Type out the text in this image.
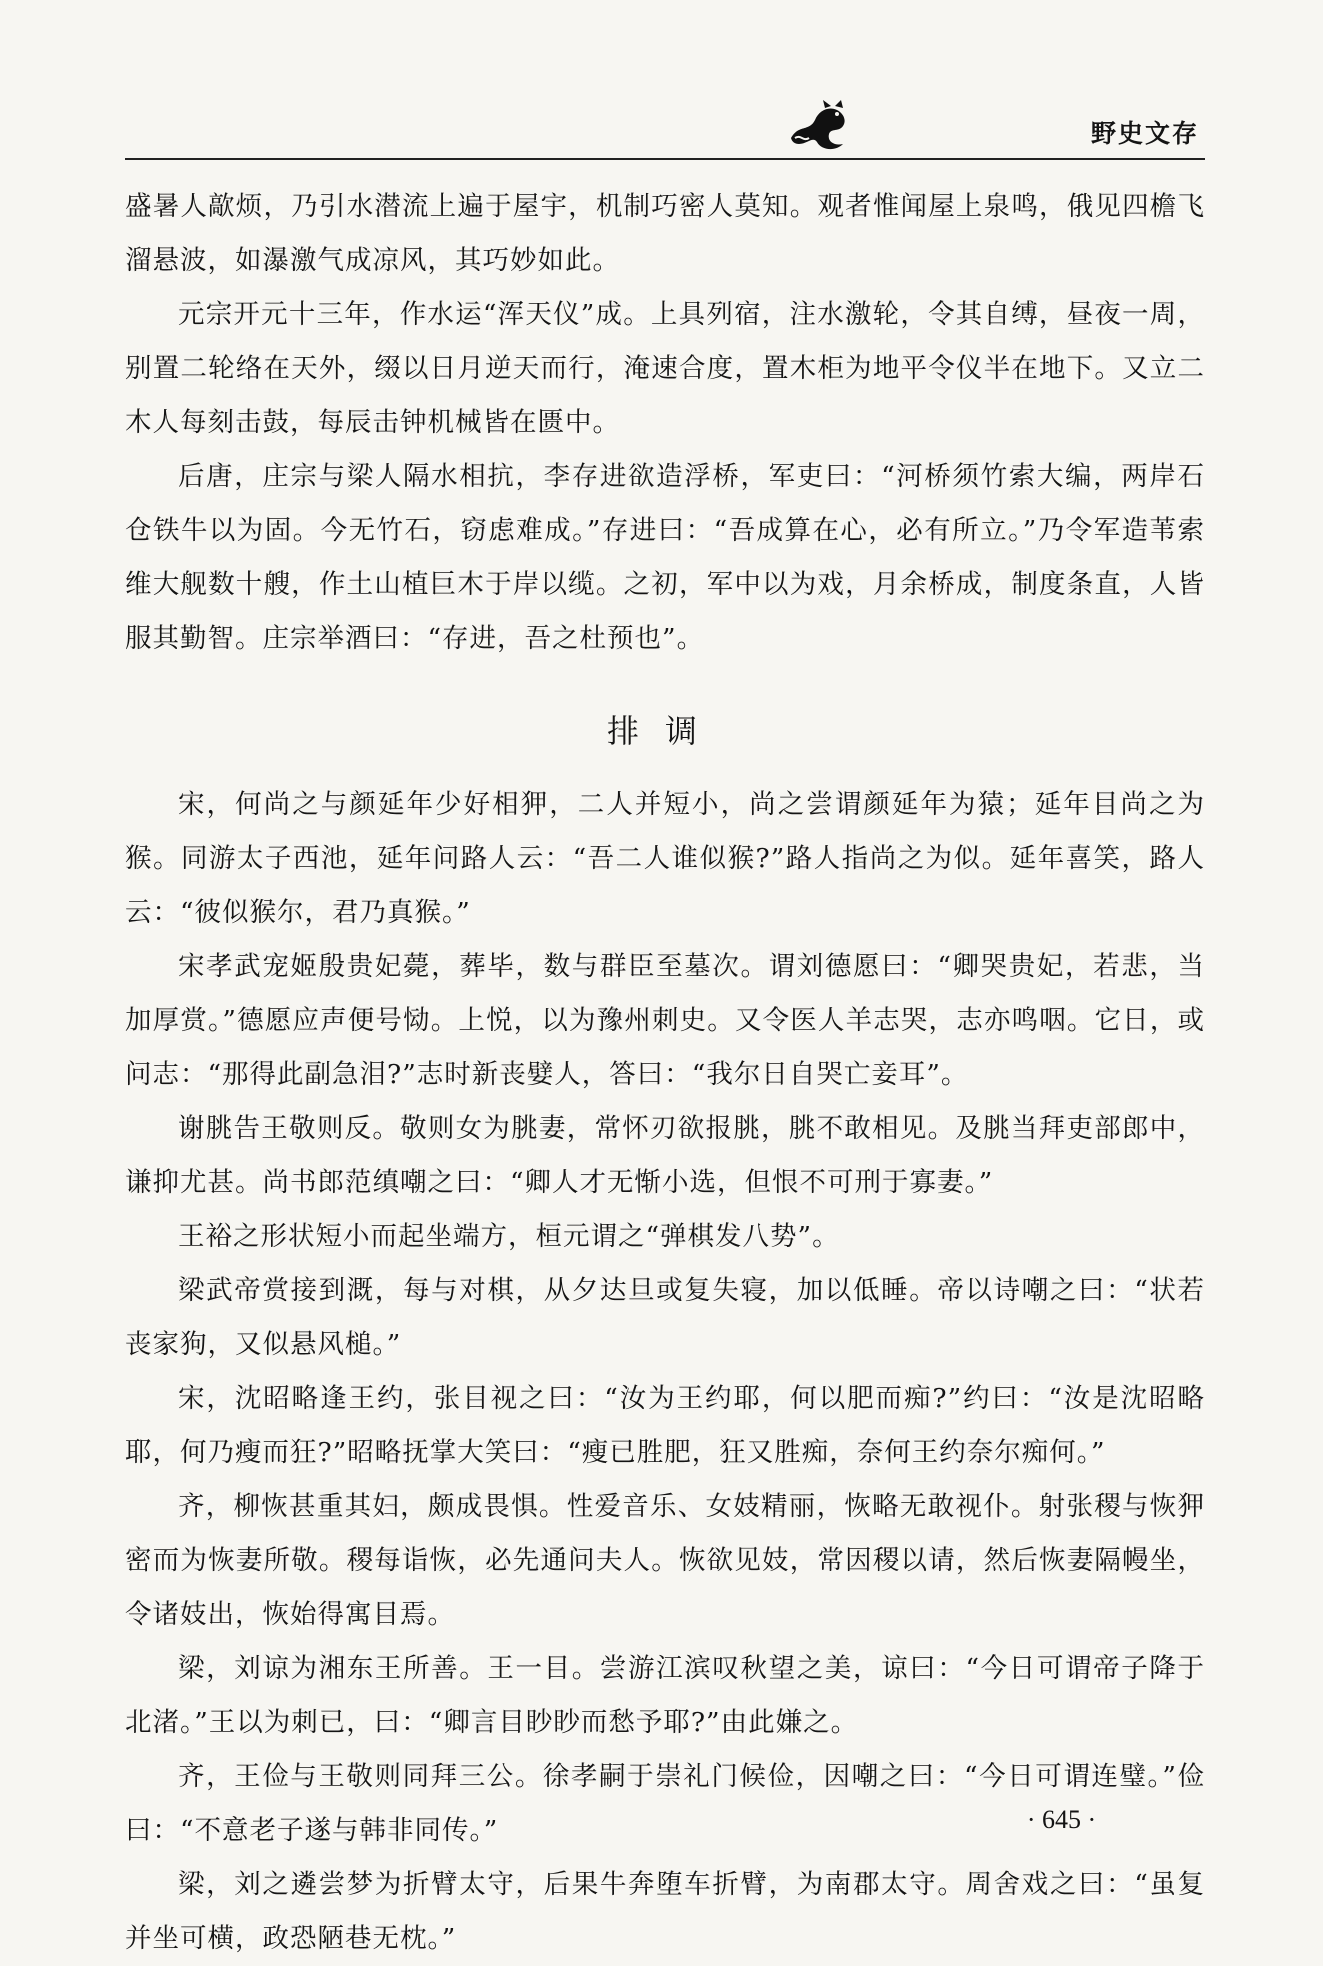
野史文存

盛暑人歊烦，乃引水潜流上遍于屋宇，机制巧密人莫知。观者惟闻屋上泉鸣，俄见四檐飞溜悬波，如瀑激气成凉风，其巧妙如此。

元宗开元十三年，作水运“浑天仪”成。上具列宿，注水激轮，令其自缚，昼夜一周，别置二轮络在天外，缀以日月逆天而行，淹速合度，置木柜为地平令仪半在地下。又立二木人每刻击鼓，每辰击钟机械皆在匮中。

后唐，庄宗与梁人隔水相抗，李存进欲造浮桥，军吏曰：“河桥须竹索大编，两岸石仓铁牛以为固。今无竹石，窃虑难成。”存进曰：“吾成算在心，必有所立。”乃令军造苇索维大舰数十艘，作土山植巨木于岸以缆。之初，军中以为戏，月余桥成，制度条直，人皆服其勤智。庄宗举酒曰：“存进，吾之杜预也”。

排调

宋，何尚之与颜延年少好相狎，二人并短小，尚之尝谓颜延年为猿；延年目尚之为猴。同游太子西池，延年问路人云：“吾二人谁似猴?”路人指尚之为似。延年喜笑，路人云：“彼似猴尔，君乃真猴。”

宋孝武宠姬殷贵妃薨，葬毕，数与群臣至墓次。谓刘德愿曰：“卿哭贵妃，若悲，当加厚赏。”德愿应声便号恸。上悦，以为豫州刺史。又令医人羊志哭，志亦鸣咽。它日，或问志：“那得此副急泪?”志时新丧嬖人，答曰：“我尔日自哭亡妾耳”。

谢朓告王敬则反。敬则女为朓妻，常怀刃欲报朓，朓不敢相见。及朓当拜吏部郎中，谦抑尤甚。尚书郎范缜嘲之曰：“卿人才无惭小选，但恨不可刑于寡妻。”

王裕之形状短小而起坐端方，桓元谓之“弹棋发八势”。

梁武帝赏接到溉，每与对棋，从夕达旦或复失寝，加以低睡。帝以诗嘲之曰：“状若丧家狗，又似悬风槌。”

宋，沈昭略逢王约，张目视之曰：“汝为王约耶，何以肥而痴?”约曰：“汝是沈昭略耶，何乃瘦而狂?”昭略抚掌大笑曰：“瘦已胜肥，狂又胜痴，奈何王约奈尔痴何。”

齐，柳恢甚重其妇，颇成畏惧。性爱音乐、女妓精丽，恢略无敢视仆。射张稷与恢狎密而为恢妻所敬。稷每诣恢，必先通问夫人。恢欲见妓，常因稷以请，然后恢妻隔幔坐，令诸妓出，恢始得寓目焉。

梁，刘谅为湘东王所善。王一目。尝游江滨叹秋望之美，谅曰：“今日可谓帝子降于北渚。”王以为刺已，曰：“卿言目眇眇而愁予耶?”由此嫌之。

齐，王俭与王敬则同拜三公。徐孝嗣于崇礼门候俭，因嘲之曰：“今日可谓连璧。”俭曰：“不意老子遂与韩非同传。”

梁，刘之遴尝梦为折臂太守，后果牛奔堕车折臂，为南郡太守。周舍戏之曰：“虽复并坐可横，政恐陋巷无枕。”

· 645 ·
